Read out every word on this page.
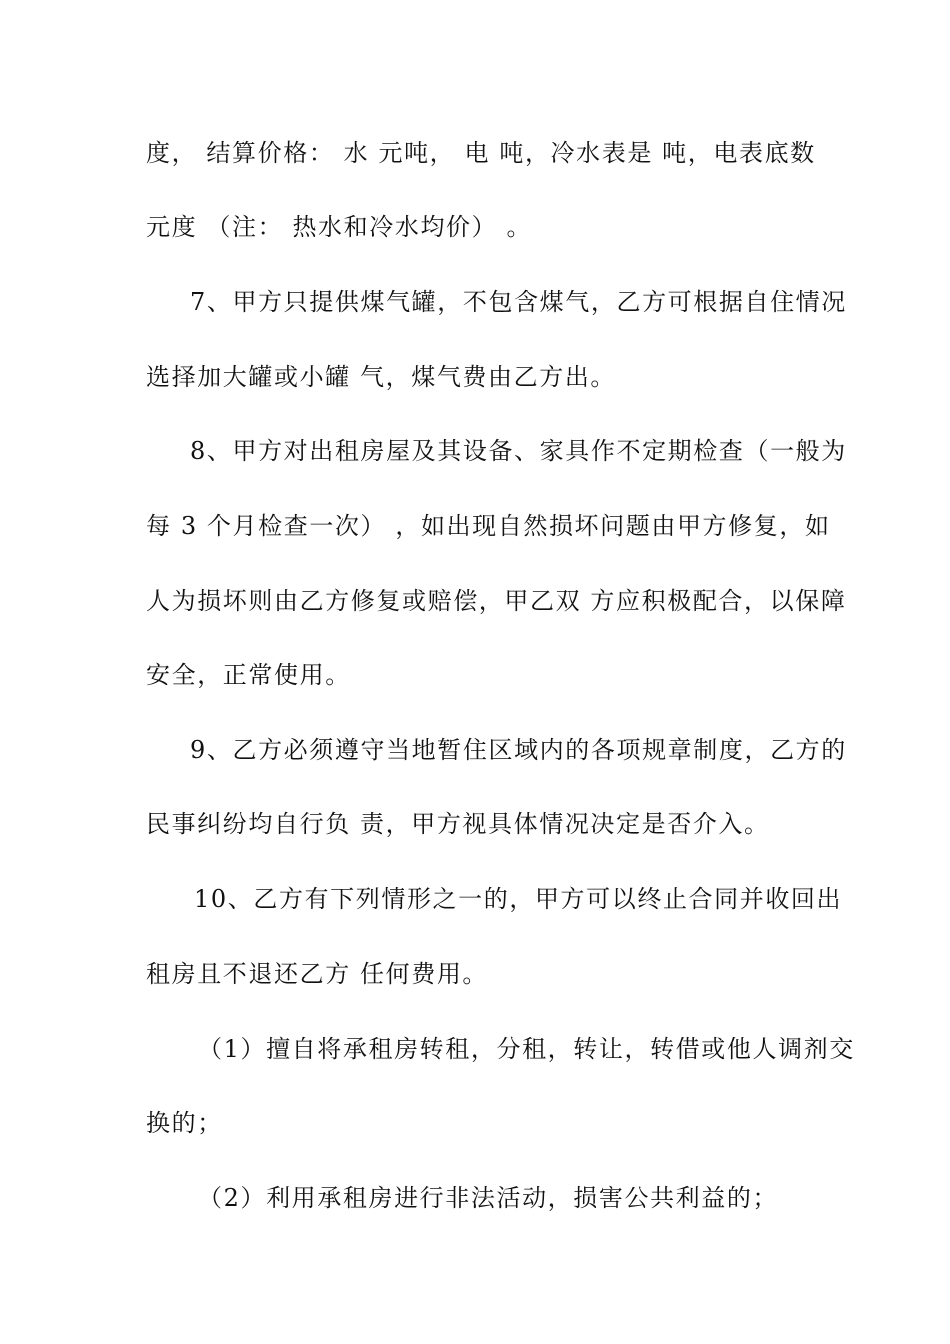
度， 结算价格： 水 元吨， 电 吨，冷水表是 吨，电表底数
元度 （注： 热水和冷水均价） 。
7、甲方只提供煤气罐，不包含煤气，乙方可根据自住情况
选择加大罐或小罐 气，煤气费由乙方出。
8、甲方对出租房屋及其设备、家具作不定期检查（一般为
每 3 个月检查一次） ，如出现自然损坏问题由甲方修复，如
人为损坏则由乙方修复或赔偿，甲乙双 方应积极配合，以保障
安全，正常使用。
9、乙方必须遵守当地暂住区域内的各项规章制度，乙方的
民事纠纷均自行负 责，甲方视具体情况决定是否介入。
10、乙方有下列情形之一的，甲方可以终止合同并收回出
租房且不退还乙方 任何费用。
（1）擅自将承租房转租，分租，转让，转借或他人调剂交
换的；
（2）利用承租房进行非法活动，损害公共利益的；
